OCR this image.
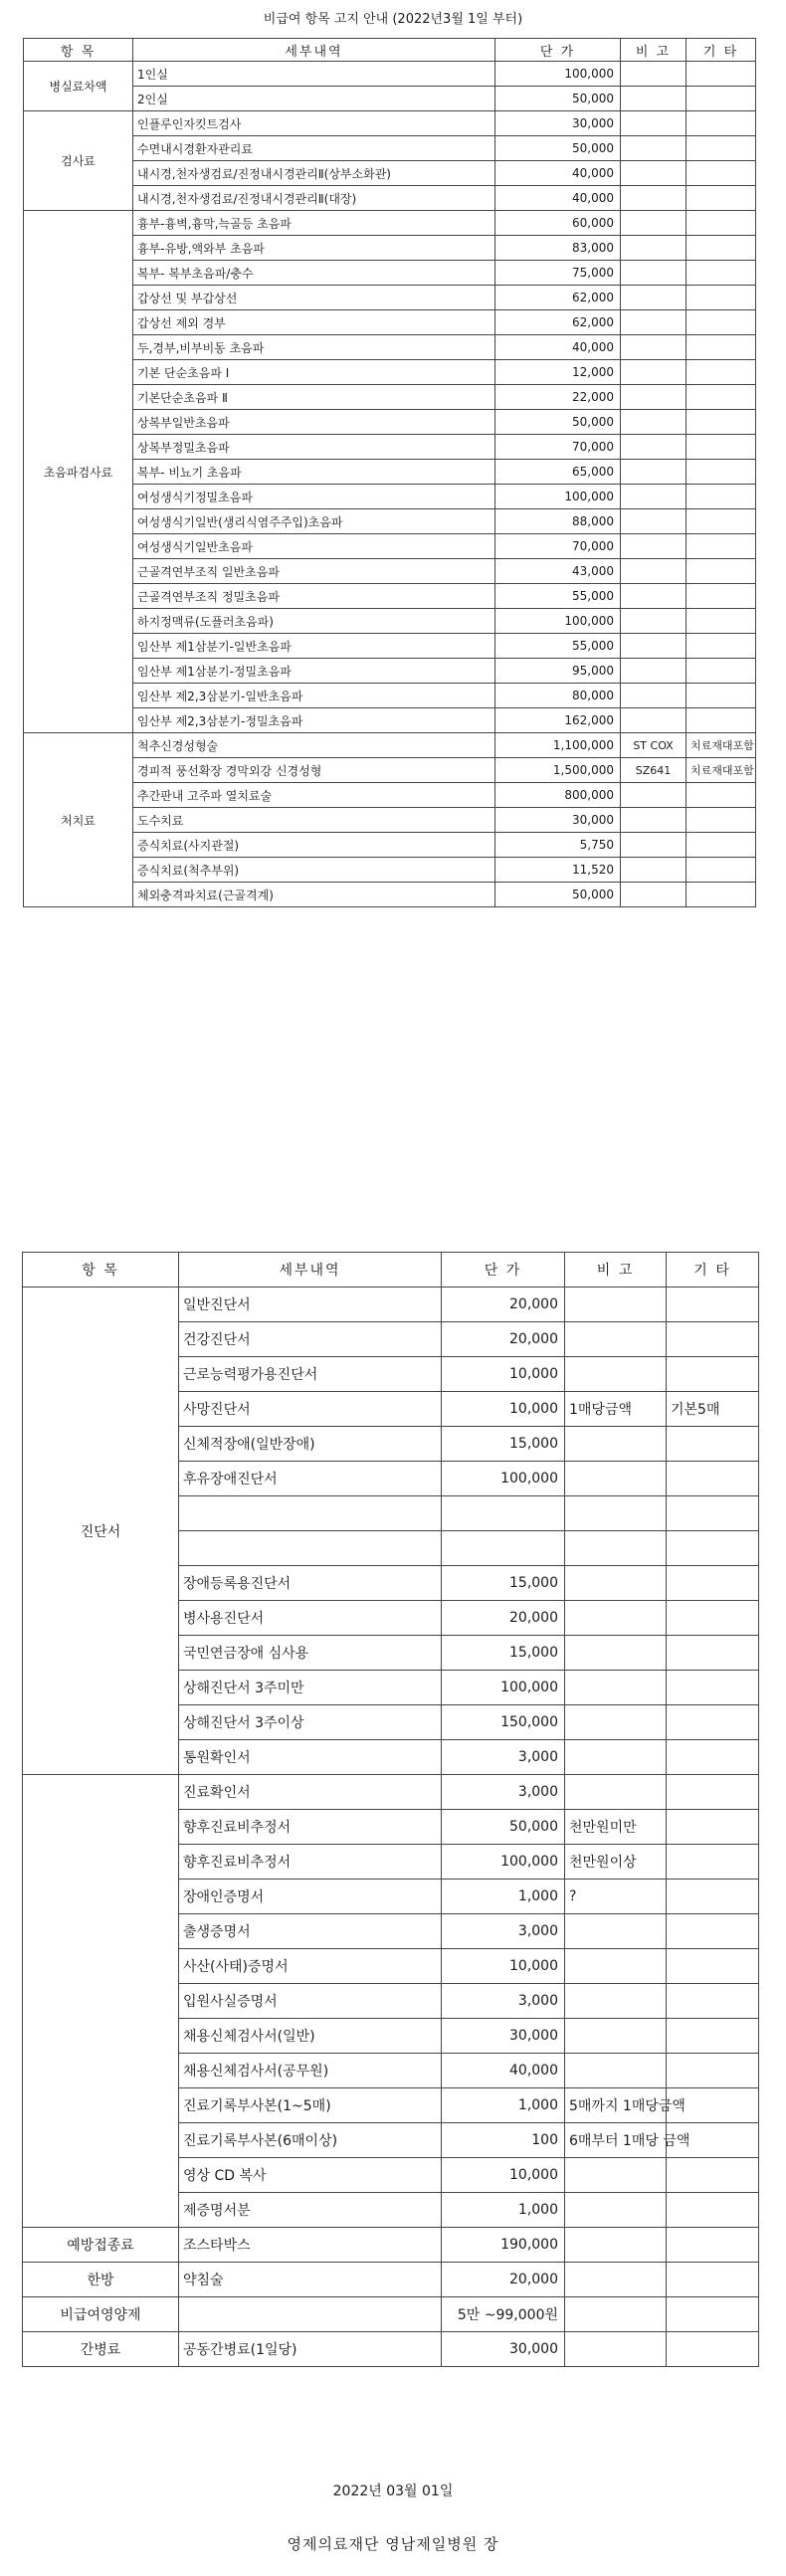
비급여 항목 고지 안내 (2022년3월 1일 부터)
항 목	세부내역	단 가	비 고	기 타
병실료차액	1인실	100,000		
	2인실	50,000		
검사료	인플루인자킷트검사	30,000		
	수면내시경환자관리료	50,000		
	내시경,천자생검료/진정내시경관리Ⅱ(상부소화관)	40,000		
	내시경,천자생검료/진정내시경관리Ⅱ(대장)	40,000		
초음파검사료	흉부-흉벽,흉막,늑골등 초음파	60,000		
	흉부-유방,액와부 초음파	83,000		
	복부- 복부초음파/충수	75,000		
	갑상선 및 부갑상선	62,000		
	갑상선 제외 경부	62,000		
	두,경부,비부비동 초음파	40,000		
	기본 단순초음파 Ⅰ	12,000		
	기본단순초음파 Ⅱ	22,000		
	상복부일반초음파	50,000		
	상복부정밀초음파	70,000		
	복부- 비뇨기 초음파	65,000		
	여성생식기정밀초음파	100,000		
	여성생식기일반(생리식염주주입)초음파	88,000		
	여성생식기일반초음파	70,000		
	근골격연부조직 일반초음파	43,000		
	근골격연부조직 정밀초음파	55,000		
	하지정맥류(도플러초음파)	100,000		
	임산부 제1삼분기-일반초음파	55,000		
	임산부 제1삼분기-정밀초음파	95,000		
	임산부 제2,3삼분기-일반초음파	80,000		
	임산부 제2,3삼분기-정밀초음파	162,000		
처치료	척추신경성형술	1,100,000	ST COX	치료재대포함
	경피적 풍선확장 경막외강 신경성형	1,500,000	SZ641	치료재대포함
	추간판내 고주파 열치료술	800,000		
	도수치료	30,000		
	증식치료(사지관절)	5,750		
	증식치료(척추부위)	11,520		
	체외충격파치료(근골격계)	50,000		
항 목	세부내역	단 가	비 고	기 타
진단서	일반진단서	20,000		
	건강진단서	20,000		
	근로능력평가용진단서	10,000		
	사망진단서	10,000	1매당금액	기본5매
	신체적장애(일반장애)	15,000		
	후유장애진단서	100,000		

	장애등록용진단서	15,000		
	병사용진단서	20,000		
	국민연금장애 심사용	15,000		
	상해진단서 3주미만	100,000		
	상해진단서 3주이상	150,000		
	통원확인서	3,000		
	진료확인서	3,000		
	향후진료비추정서	50,000	천만원미만	
	향후진료비추정서	100,000	천만원이상	
	장애인증명서	1,000	?	
	출생증명서	3,000		
	사산(사태)증명서	10,000		
	입원사실증명서	3,000		
	채용신체검사서(일반)	30,000		
	채용신체검사서(공무원)	40,000		
	진료기록부사본(1~5매)	1,000	5매까지 1매당금액	
	진료기록부사본(6매이상)	100	6매부터 1매당 금액	
	영상 CD 복사	10,000		
	제증명서분	1,000		
예방접종료	조스타박스	190,000		
한방	약침술	20,000		
비급여영양제		5만 ~99,000원		
간병료	공동간병료(1일당)	30,000		
2022년 03월 01일
영제의료재단 영남제일병원 장
